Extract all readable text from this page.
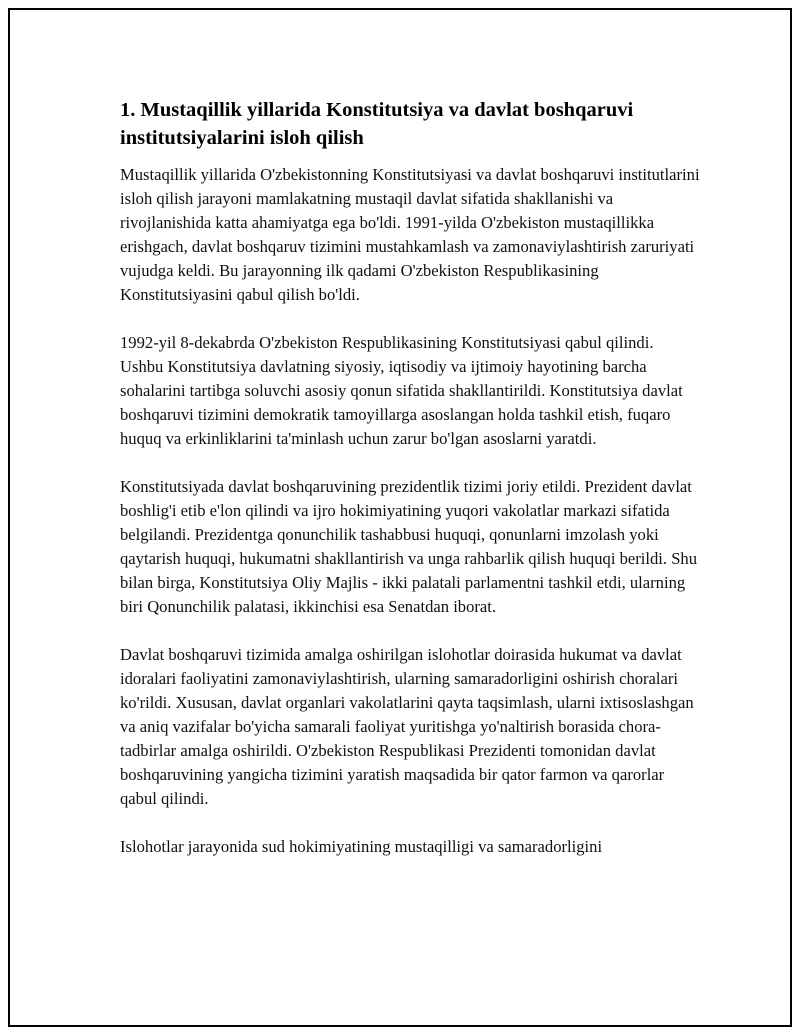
1. Mustaqillik yillarida Konstitutsiya va davlat boshqaruvi institutsiyalarini isloh qilish

Mustaqillik yillarida O'zbekistonning Konstitutsiyasi va davlat boshqaruvi institutlarini isloh qilish jarayoni mamlakatning mustaqil davlat sifatida shakllanishi va rivojlanishida katta ahamiyatga ega bo'ldi. 1991-yilda O'zbekiston mustaqillikka erishgach, davlat boshqaruv tizimini mustahkamlash va zamonaviylashtirish zaruriyati vujudga keldi. Bu jarayonning ilk qadami O'zbekiston Respublikasining Konstitutsiyasini qabul qilish bo'ldi.

1992-yil 8-dekabrda O'zbekiston Respublikasining Konstitutsiyasi qabul qilindi. Ushbu Konstitutsiya davlatning siyosiy, iqtisodiy va ijtimoiy hayotining barcha sohalarini tartibga soluvchi asosiy qonun sifatida shakllantirildi. Konstitutsiya davlat boshqaruvi tizimini demokratik tamoyillarga asoslangan holda tashkil etish, fuqaro huquq va erkinliklarini ta'minlash uchun zarur bo'lgan asoslarni yaratdi.

Konstitutsiyada davlat boshqaruvining prezidentlik tizimi joriy etildi. Prezident davlat boshlig'i etib e'lon qilindi va ijro hokimiyatining yuqori vakolatlar markazi sifatida belgilandi. Prezidentga qonunchilik tashabbusi huquqi, qonunlarni imzolash yoki qaytarish huquqi, hukumatni shakllantirish va unga rahbarlik qilish huquqi berildi. Shu bilan birga, Konstitutsiya Oliy Majlis - ikki palatali parlamentni tashkil etdi, ularning biri Qonunchilik palatasi, ikkinchisi esa Senatdan iborat.

Davlat boshqaruvi tizimida amalga oshirilgan islohotlar doirasida hukumat va davlat idoralari faoliyatini zamonaviylashtirish, ularning samaradorligini oshirish choralari ko'rildi. Xususan, davlat organlari vakolatlarini qayta taqsimlash, ularni ixtisoslashgan va aniq vazifalar bo'yicha samarali faoliyat yuritishga yo'naltirish borasida chora-tadbirlar amalga oshirildi. O'zbekiston Respublikasi Prezidenti tomonidan davlat boshqaruvining yangicha tizimini yaratish maqsadida bir qator farmon va qarorlar qabul qilindi.

Islohotlar jarayonida sud hokimiyatining mustaqilligi va samaradorligini
